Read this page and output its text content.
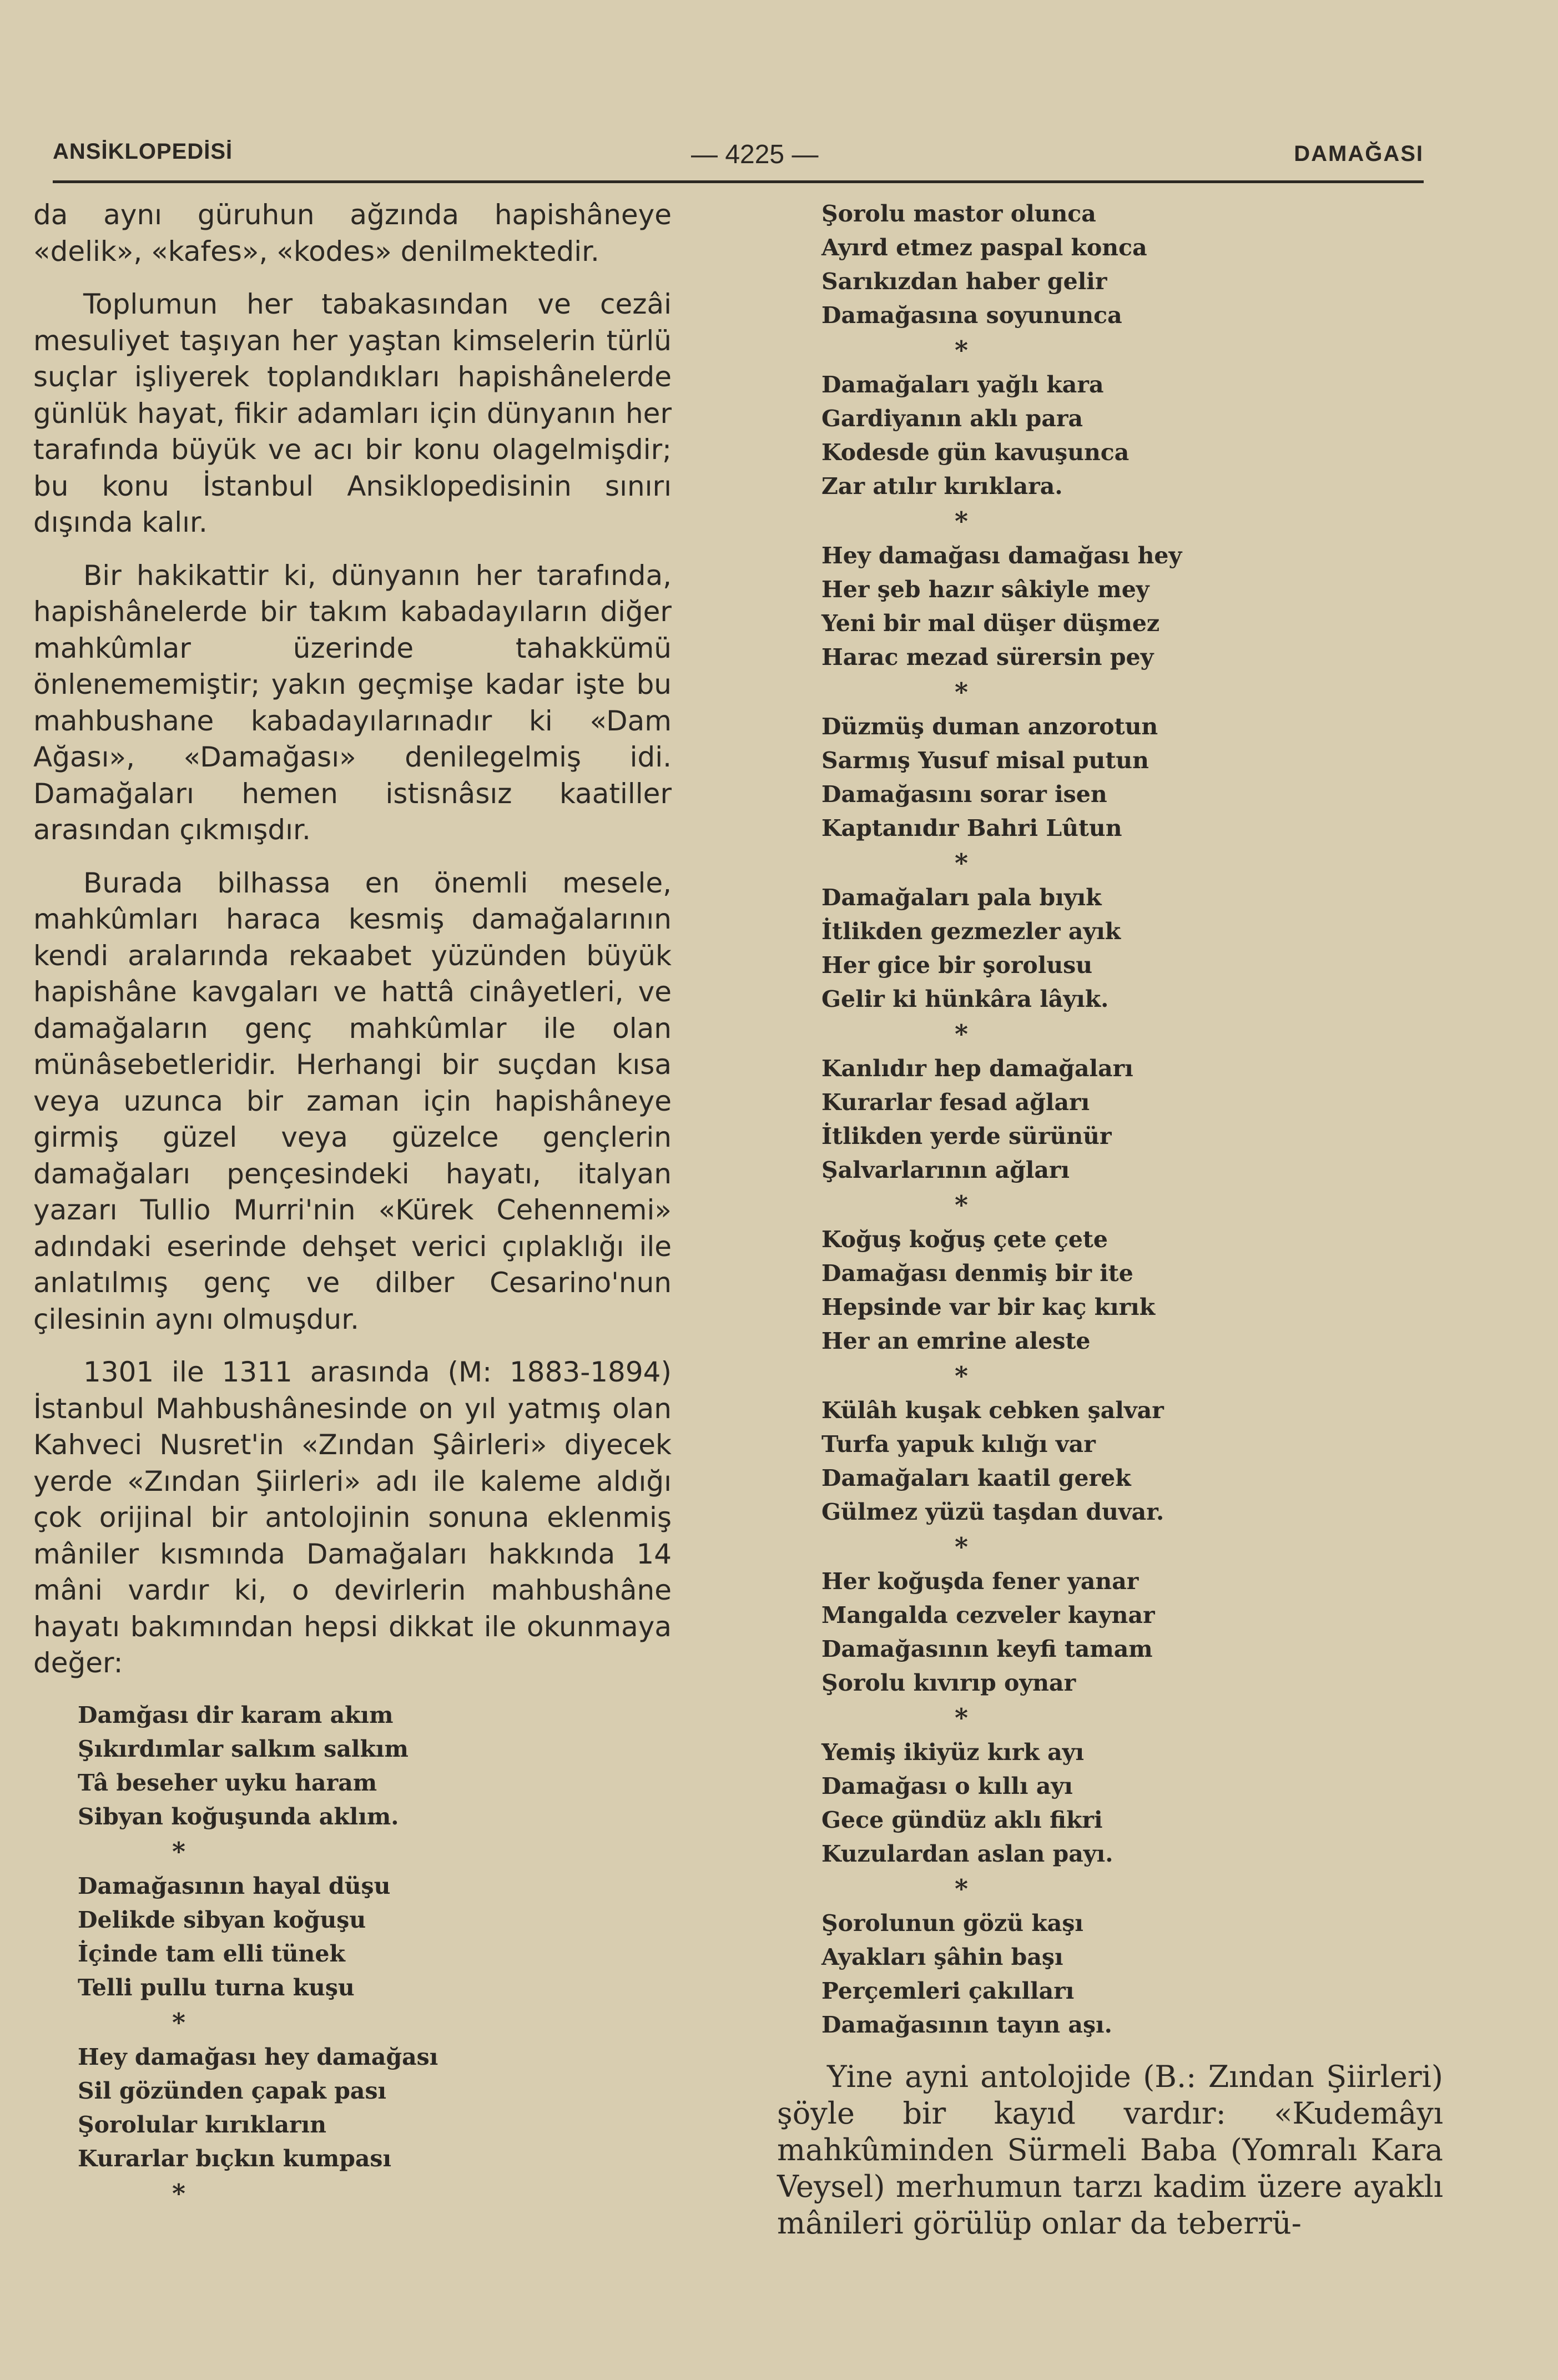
ANSİKLOPEDİSİ	— 4225 —	DAMAĞASI

da aynı güruhun ağzında hapishâneye «delik», «kafes», «kodes» denilmektedir.

Toplumun her tabakasından ve cezâi mesuliyet taşıyan her yaştan kimselerin türlü suçlar işliyerek toplandıkları hapishânelerde günlük hayat, fikir adamları için dünyanın her tarafında büyük ve acı bir konu olagelmişdir; bu konu İstanbul Ansiklopedisinin sınırı dışında kalır.

Bir hakikattir ki, dünyanın her tarafında, hapishânelerde bir takım kabadayıların diğer mahkûmlar üzerinde tahakkümü önlenememiştir; yakın geçmişe kadar işte bu mahbushane kabadayılarınadır ki «Dam Ağası», «Damağası» denilegelmiş idi. Damağaları hemen istisnâsız kaatiller arasından çıkmışdır.

Burada bilhassa en önemli mesele, mahkûmları haraca kesmiş damağalarının kendi aralarında rekaabet yüzünden büyük hapishâne kavgaları ve hattâ cinâyetleri, ve damağaların genç mahkûmlar ile olan münâsebetleridir. Herhangi bir suçdan kısa veya uzunca bir zaman için hapishâneye girmiş güzel veya güzelce gençlerin damağaları pençesindeki hayatı, italyan yazarı Tullio Murri'nin «Kürek Cehennemi» adındaki eserinde dehşet verici çıplaklığı ile anlatılmış genç ve dilber Cesarino'nun çilesinin aynı olmuşdur.

1301 ile 1311 arasında (M: 1883-1894) İstanbul Mahbushânesinde on yıl yatmış olan Kahveci Nusret'in «Zından Şâirleri» diyecek yerde «Zından Şiirleri» adı ile kaleme aldığı çok orijinal bir antolojinin sonuna eklenmiş mâniler kısmında Damağaları hakkında 14 mâni vardır ki, o devirlerin mahbushâne hayatı bakımından hepsi dikkat ile okunmaya değer:

Damğası dir karam akım
Şıkırdımlar salkım salkım
Tâ beseher uyku haram
Sibyan koğuşunda aklım.
*
Damağasının hayal düşu
Delikde sibyan koğuşu
İçinde tam elli tünek
Telli pullu turna kuşu
*
Hey damağası hey damağası
Sil gözünden çapak pası
Şorolular kırıkların
Kurarlar bıçkın kumpası
*
Şorolu mastor olunca
Ayırd etmez paspal konca
Sarıkızdan haber gelir
Damağasına soyununca
*
Damağaları yağlı kara
Gardiyanın aklı para
Kodesde gün kavuşunca
Zar atılır kırıklara.
*
Hey damağası damağası hey
Her şeb hazır sâkiyle mey
Yeni bir mal düşer düşmez
Harac mezad sürersin pey
*
Düzmüş duman anzorotun
Sarmış Yusuf misal putun
Damağasını sorar isen
Kaptanıdır Bahri Lûtun
*
Damağaları pala bıyık
İtlikden gezmezler ayık
Her gice bir şorolusu
Gelir ki hünkâra lâyık.
*
Kanlıdır hep damağaları
Kurarlar fesad ağları
İtlikden yerde sürünür
Şalvarlarının ağları
*
Koğuş koğuş çete çete
Damağası denmiş bir ite
Hepsinde var bir kaç kırık
Her an emrine aleste
*
Külâh kuşak cebken şalvar
Turfa yapuk kılığı var
Damağaları kaatil gerek
Gülmez yüzü taşdan duvar.
*
Her koğuşda fener yanar
Mangalda cezveler kaynar
Damağasının keyfi tamam
Şorolu kıvırıp oynar
*
Yemiş ikiyüz kırk ayı
Damağası o kıllı ayı
Gece gündüz aklı fikri
Kuzulardan aslan payı.
*
Şorolunun gözü kaşı
Ayakları şâhin başı
Perçemleri çakılları
Damağasının tayın aşı.

Yine ayni antolojide (B.: Zından Şiirleri) şöyle bir kayıd vardır: «Kudemâyı mahkûminden Sürmeli Baba (Yomralı Kara Veysel) merhumun tarzı kadim üzere ayaklı mânileri görülüp onlar da teberrü-
